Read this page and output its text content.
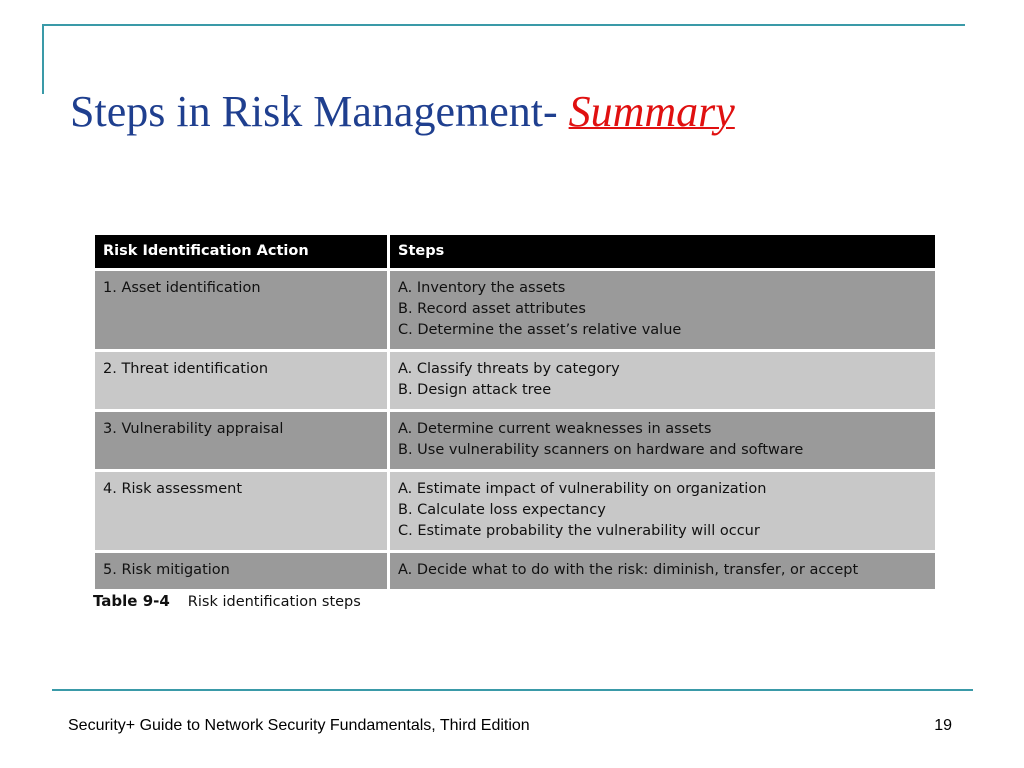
Steps in Risk Management- Summary
Risk Identification Action	Steps
1. Asset identification	A. Inventory the assets
B. Record asset attributes
C. Determine the asset’s relative value

2. Threat identification	A. Classify threats by category
B. Design attack tree

3. Vulnerability appraisal	A. Determine current weaknesses in assets
B. Use vulnerability scanners on hardware and software

4. Risk assessment	A. Estimate impact of vulnerability on organization
B. Calculate loss expectancy
C. Estimate probability the vulnerability will occur

5. Risk mitigation	A. Decide what to do with the risk: diminish, transfer, or accept
Table 9-4 Risk identification steps
Security+ Guide to Network Security Fundamentals, Third Edition	19
